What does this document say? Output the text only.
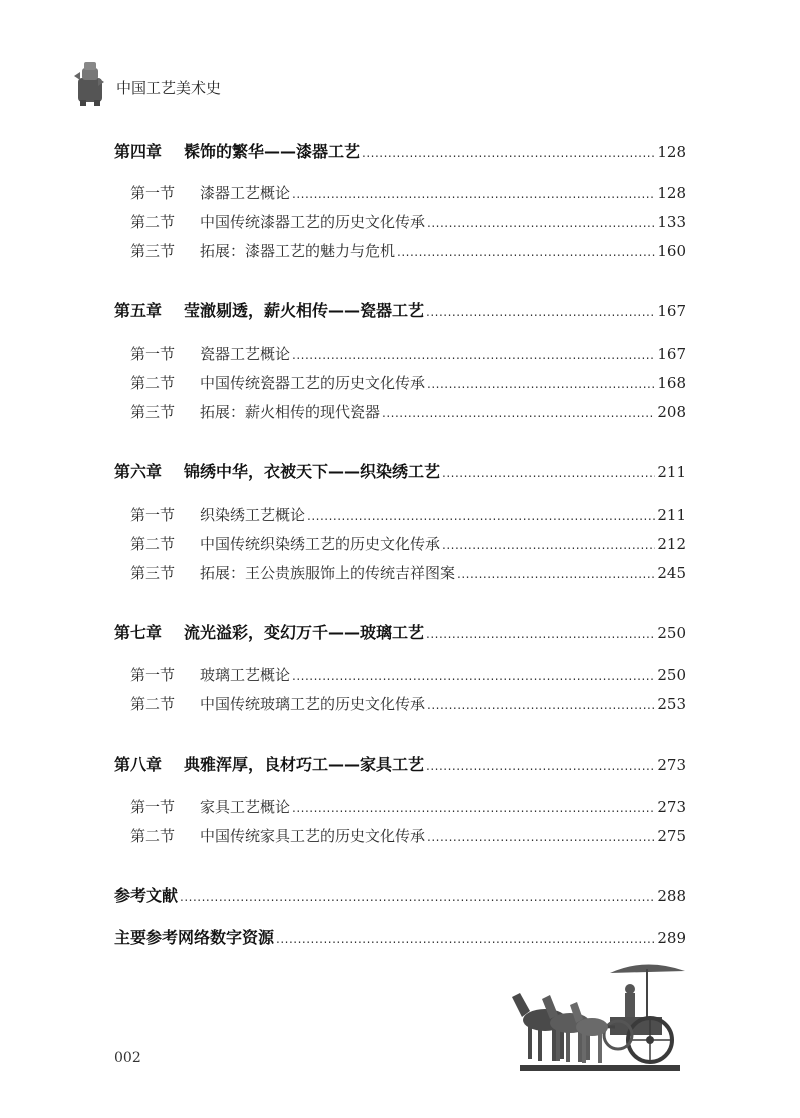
中国工艺美术史
第四章	髹饰的繁华——漆器工艺 .....	128
第一节	漆器工艺概论 .....	128
第二节	中国传统漆器工艺的历史文化传承 .....	133
第三节	拓展：漆器工艺的魅力与危机 .....	160
第五章	莹澈剔透，薪火相传——瓷器工艺 .....	167
第一节	瓷器工艺概论 .....	167
第二节	中国传统瓷器工艺的历史文化传承 .....	168
第三节	拓展：薪火相传的现代瓷器 .....	208
第六章	锦绣中华，衣被天下——织染绣工艺 .....	211
第一节	织染绣工艺概论 .....	211
第二节	中国传统织染绣工艺的历史文化传承 .....	212
第三节	拓展：王公贵族服饰上的传统吉祥图案 .....	245
第七章	流光溢彩，变幻万千——玻璃工艺 .....	250
第一节	玻璃工艺概论 .....	250
第二节	中国传统玻璃工艺的历史文化传承 .....	253
第八章	典雅浑厚，良材巧工——家具工艺 .....	273
第一节	家具工艺概论 .....	273
第二节	中国传统家具工艺的历史文化传承 .....	275
参考文献 .....	288
主要参考网络数字资源 .....	289
002
